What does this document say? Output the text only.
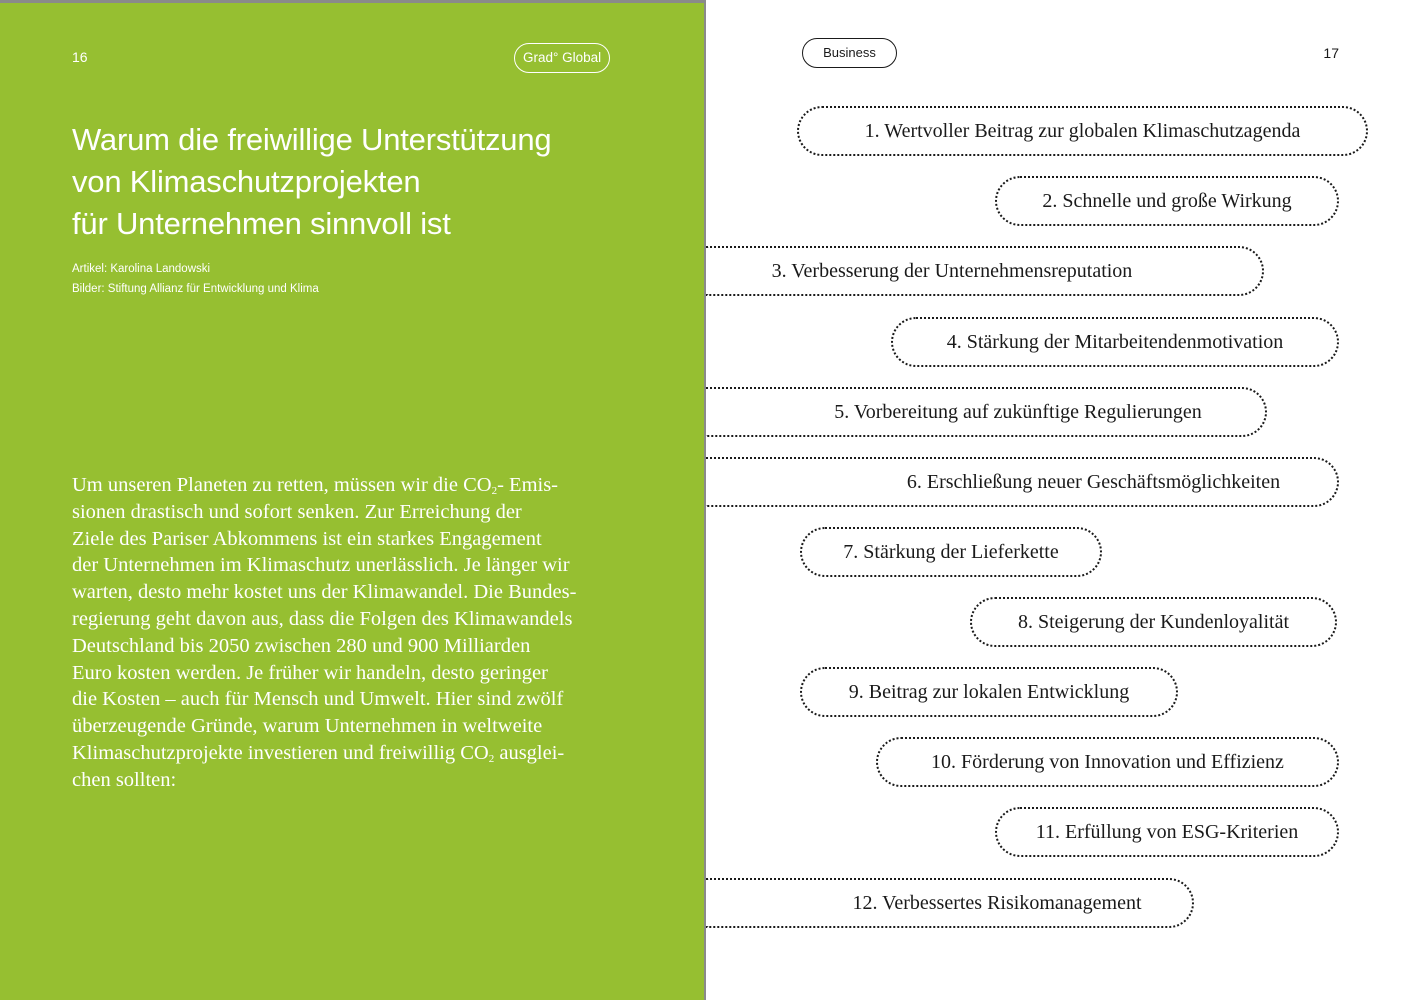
16	Grad° Global
Warum die freiwillige Unterstützung
von Klimaschutzprojekten
für Unternehmen sinnvoll ist
Artikel: Karolina Landowski
Bilder: Stiftung Allianz für Entwicklung und Klima
Um unseren Planeten zu retten, müssen wir die $CO_2-$ Emis-
sionen drastisch und sofort senken. Zur Erreichung der
Ziele des Pariser Abkommens ist ein starkes Engagement
der Unternehmen im Klimaschutz unerlässlich. Je länger wir
warten, desto mehr kostet uns der Klimawandel. Die Bundes-
regierung geht davon aus, dass die Folgen des Klimawandels
Deutschland bis 2050 zwischen 280 und 900 Milliarden
Euro kosten werden. Je früher wir handeln, desto geringer
die Kosten – auch für Mensch und Umwelt. Hier sind zwölf
überzeugende Gründe, warum Unternehmen in weltweite
Klimaschutzprojekte investieren und freiwillig $CO_2$ ausglei-
chen sollten:
Business	17
1. Wertvoller Beitrag zur globalen Klimaschutzagenda
2. Schnelle und große Wirkung
3. Verbesserung der Unternehmensreputation
4. Stärkung der Mitarbeitendenmotivation
5. Vorbereitung auf zukünftige Regulierungen
6. Erschließung neuer Geschäftsmöglichkeiten
7. Stärkung der Lieferkette
8. Steigerung der Kundenloyalität
9. Beitrag zur lokalen Entwicklung
10. Förderung von Innovation und Effizienz
11. Erfüllung von ESG-Kriterien
12. Verbessertes Risikomanagement
